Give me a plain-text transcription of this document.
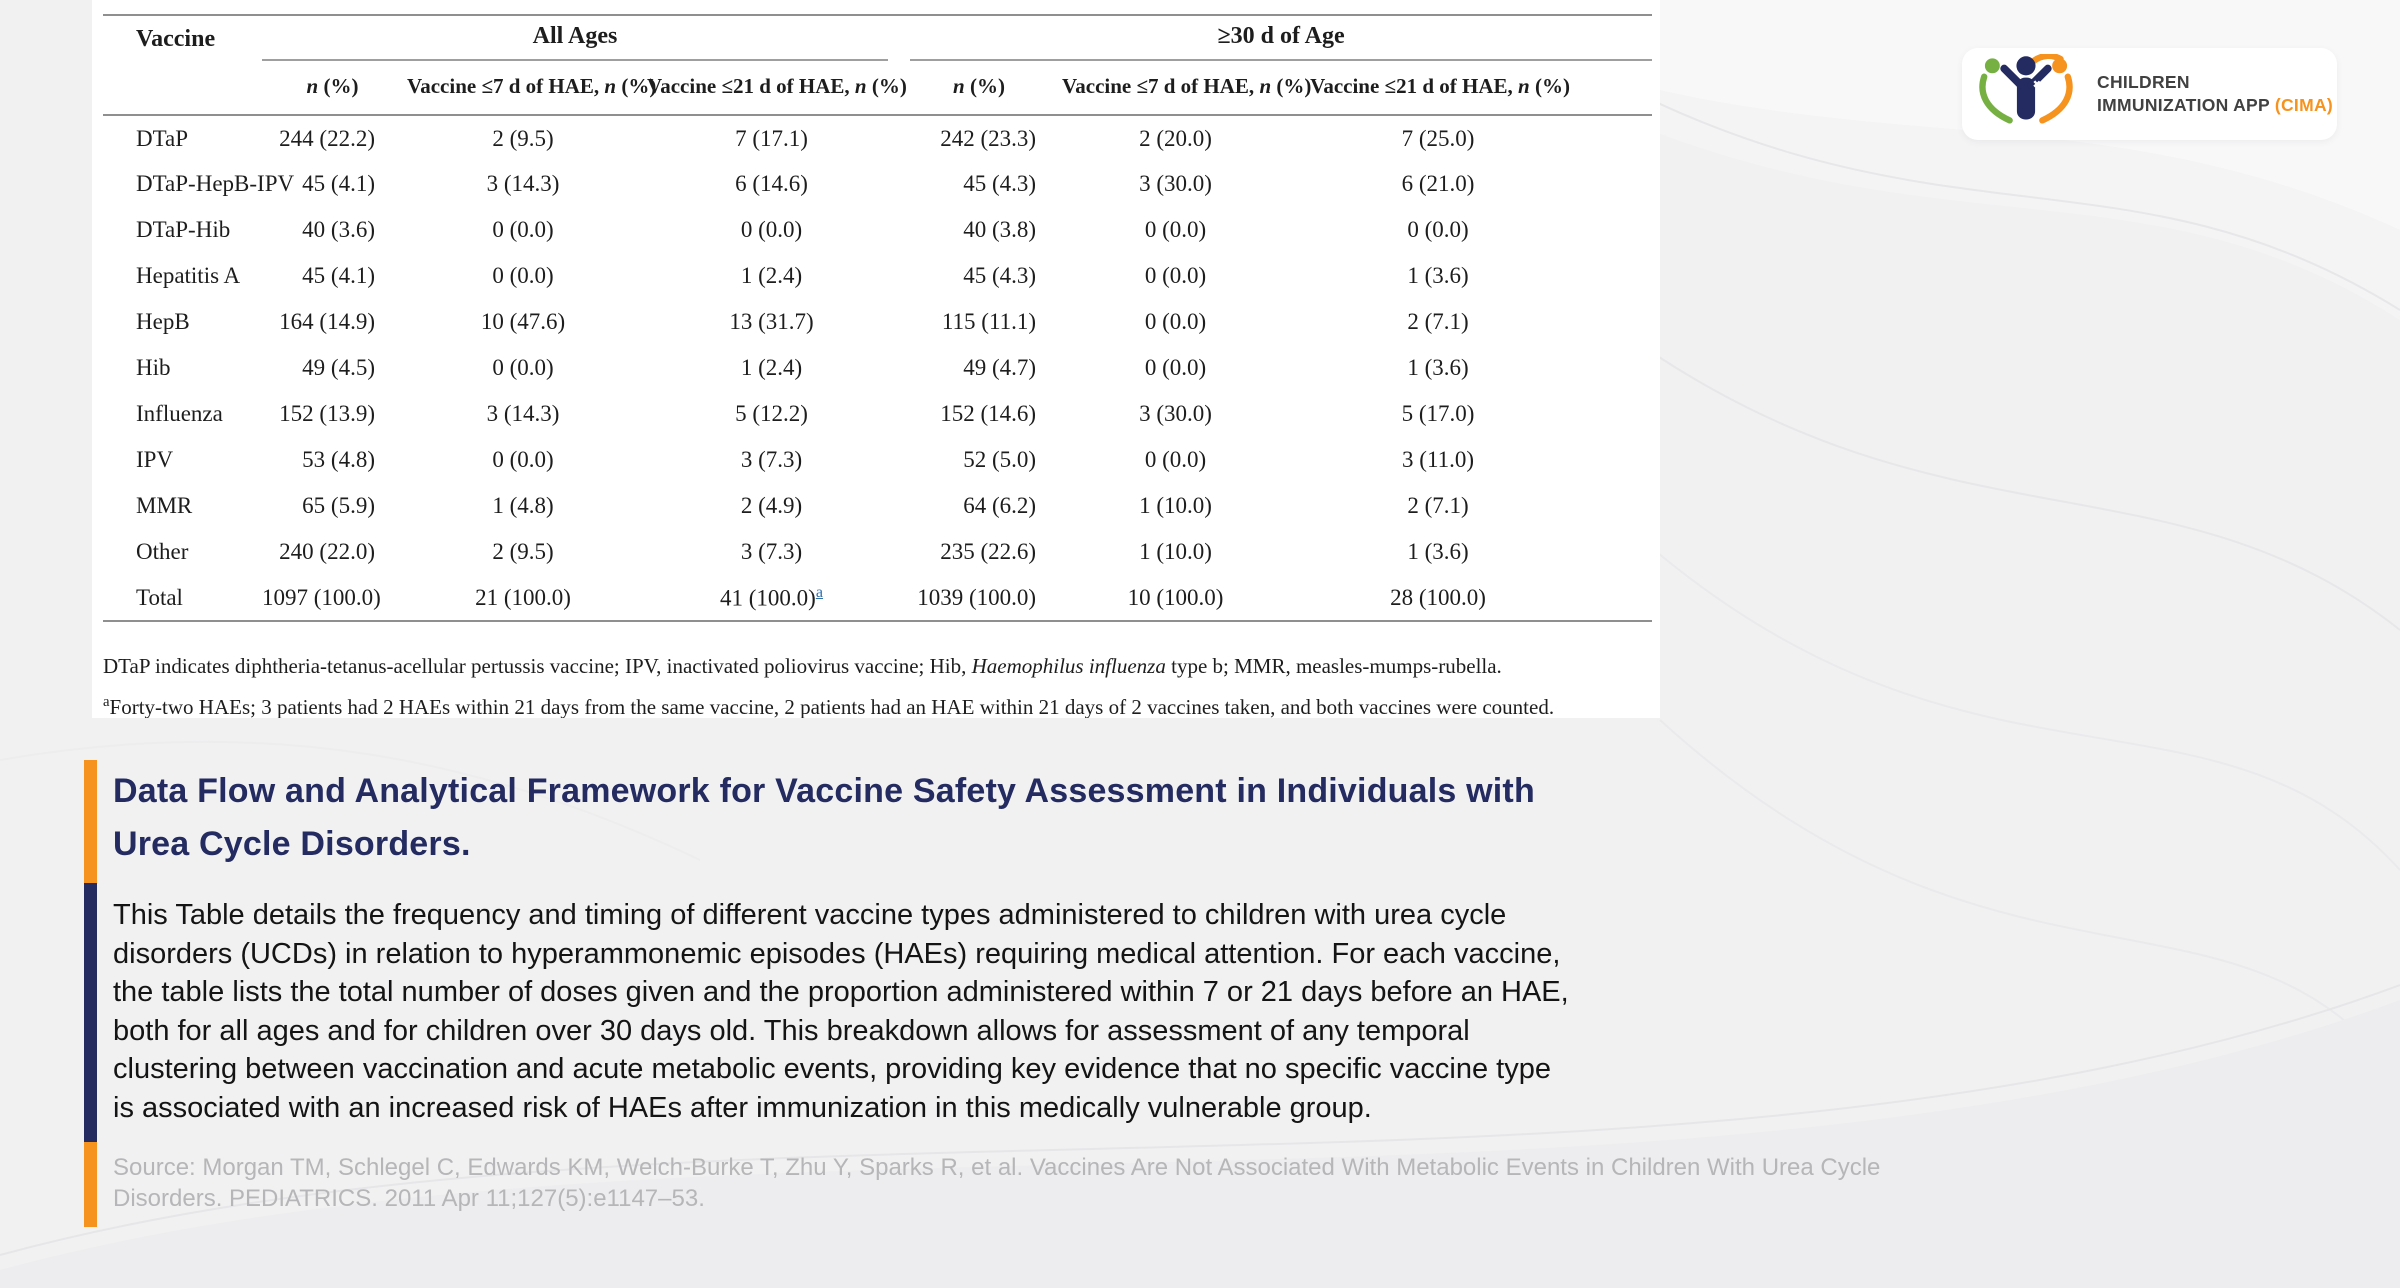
Vaccine	All Ages			≥30 d of Age		

	n (%)	Vaccine ≤7 d of HAE, n (%)	Vaccine ≤21 d of HAE, n (%)	n (%)	Vaccine ≤7 d of HAE, n (%)	Vaccine ≤21 d of HAE, n (%)
DTaP	244 (22.2)	2 (9.5)	7 (17.1)	242 (23.3)	2 (20.0)	7 (25.0)
DTaP-HepB-IPV	45 (4.1)	3 (14.3)	6 (14.6)	45 (4.3)	3 (30.0)	6 (21.0)
DTaP-Hib	40 (3.6)	0 (0.0)	0 (0.0)	40 (3.8)	0 (0.0)	0 (0.0)
Hepatitis A	45 (4.1)	0 (0.0)	1 (2.4)	45 (4.3)	0 (0.0)	1 (3.6)
HepB	164 (14.9)	10 (47.6)	13 (31.7)	115 (11.1)	0 (0.0)	2 (7.1)
Hib	49 (4.5)	0 (0.0)	1 (2.4)	49 (4.7)	0 (0.0)	1 (3.6)
Influenza	152 (13.9)	3 (14.3)	5 (12.2)	152 (14.6)	3 (30.0)	5 (17.0)
IPV	53 (4.8)	0 (0.0)	3 (7.3)	52 (5.0)	0 (0.0)	3 (11.0)
MMR	65 (5.9)	1 (4.8)	2 (4.9)	64 (6.2)	1 (10.0)	2 (7.1)
Other	240 (22.0)	2 (9.5)	3 (7.3)	235 (22.6)	1 (10.0)	1 (3.6)
Total	1097 (100.0)	21 (100.0)	41 (100.0)$^a$	1039 (100.0)	10 (100.0)	28 (100.0)

DTaP indicates diphtheria-tetanus-acellular pertussis vaccine; IPV, inactivated poliovirus vaccine; Hib, Haemophilus influenza type b; MMR, measles-mumps-rubella.

$^a$Forty-two HAEs; 3 patients had 2 HAEs within 21 days from the same vaccine, 2 patients had an HAE within 21 days of 2 vaccines taken, and both vaccines were counted.

Data Flow and Analytical Framework for Vaccine Safety Assessment in Individuals with
Urea Cycle Disorders.
This Table details the frequency and timing of different vaccine types administered to children with urea cycle
disorders (UCDs) in relation to hyperammonemic episodes (HAEs) requiring medical attention. For each vaccine,
the table lists the total number of doses given and the proportion administered within 7 or 21 days before an HAE,
both for all ages and for children over 30 days old. This breakdown allows for assessment of any temporal
clustering between vaccination and acute metabolic events, providing key evidence that no specific vaccine type
is associated with an increased risk of HAEs after immunization in this medically vulnerable group.
Source: Morgan TM, Schlegel C, Edwards KM, Welch-Burke T, Zhu Y, Sparks R, et al. Vaccines Are Not Associated With Metabolic Events in Children With Urea Cycle
Disorders. PEDIATRICS. 2011 Apr 11;127(5):e1147–53.
CHILDREN
IMMUNIZATION APP (CIMA)
